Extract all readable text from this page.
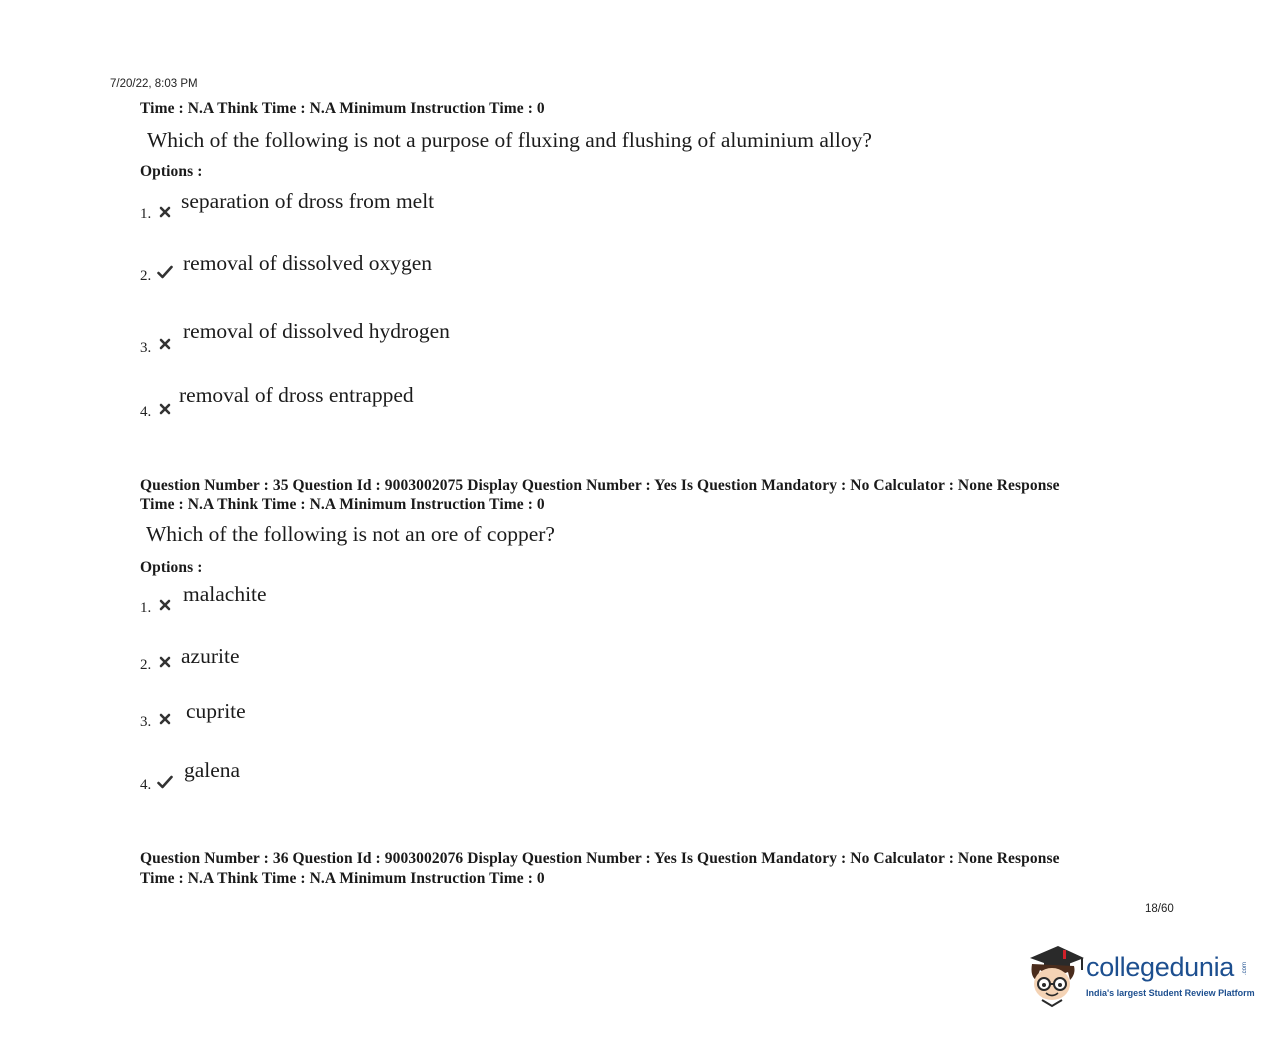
7/20/22, 8:03 PM
Time : N.A Think Time : N.A Minimum Instruction Time : 0
Which of the following is not a purpose of fluxing and flushing of aluminium alloy?
Options :
1.
separation of dross from melt
2.
removal of dissolved oxygen
3.
removal of dissolved hydrogen
4.
removal of dross entrapped
Question Number : 35 Question Id : 9003002075 Display Question Number : Yes Is Question Mandatory : No Calculator : None Response
Time : N.A Think Time : N.A Minimum Instruction Time : 0
Which of the following is not an ore of copper?
Options :
1.
malachite
2. azurite
3. cuprite
4.
galena
Question Number : 36 Question Id : 9003002076 Display Question Number : Yes Is Question Mandatory : No Calculator : None Response
Time : N.A Think Time : N.A Minimum Instruction Time : 0
18/60
collegedunia .com
India's largest Student Review Platform
